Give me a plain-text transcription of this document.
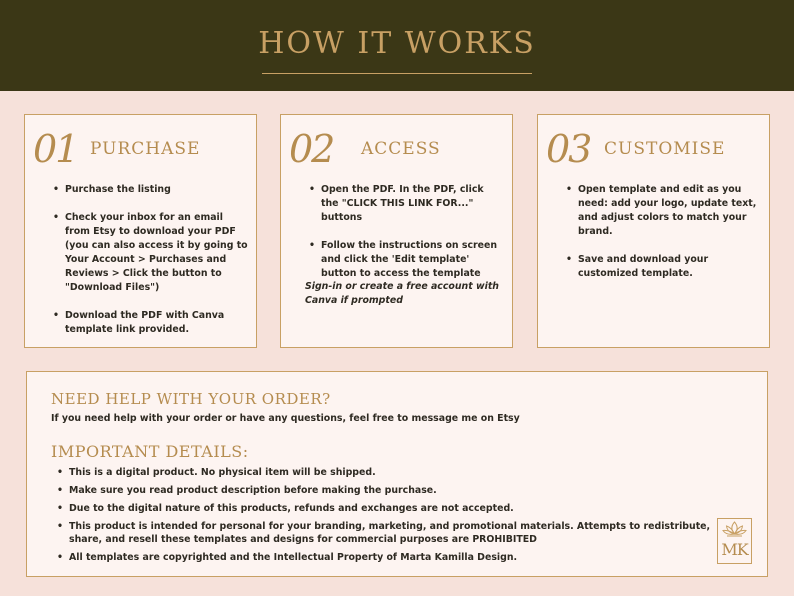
HOW IT WORKS
01 PURCHASE
• Purchase the listing
• Check your inbox for an email from Etsy to download your PDF (you can also access it by going to Your Account > Purchases and Reviews > Click the button to "Download Files")
• Download the PDF with Canva template link provided.
02 ACCESS
• Open the PDF. In the PDF, click the "CLICK THIS LINK FOR..." buttons
• Follow the instructions on screen and click the 'Edit template' button to access the template
Sign-in or create a free account with Canva if prompted
03 CUSTOMISE
• Open template and edit as you need: add your logo, update text, and adjust colors to match your brand.
• Save and download your customized template.
NEED HELP WITH YOUR ORDER?
If you need help with your order or have any questions, feel free to message me on Etsy
IMPORTANT DETAILS:
• This is a digital product. No physical item will be shipped.
• Make sure you read product description before making the purchase.
• Due to the digital nature of this products, refunds and exchanges are not accepted.
• This product is intended for personal for your branding, marketing, and promotional materials. Attempts to redistribute, share, and resell these templates and designs for commercial purposes are PROHIBITED
• All templates are copyrighted and the Intellectual Property of Marta Kamilla Design.	MK
